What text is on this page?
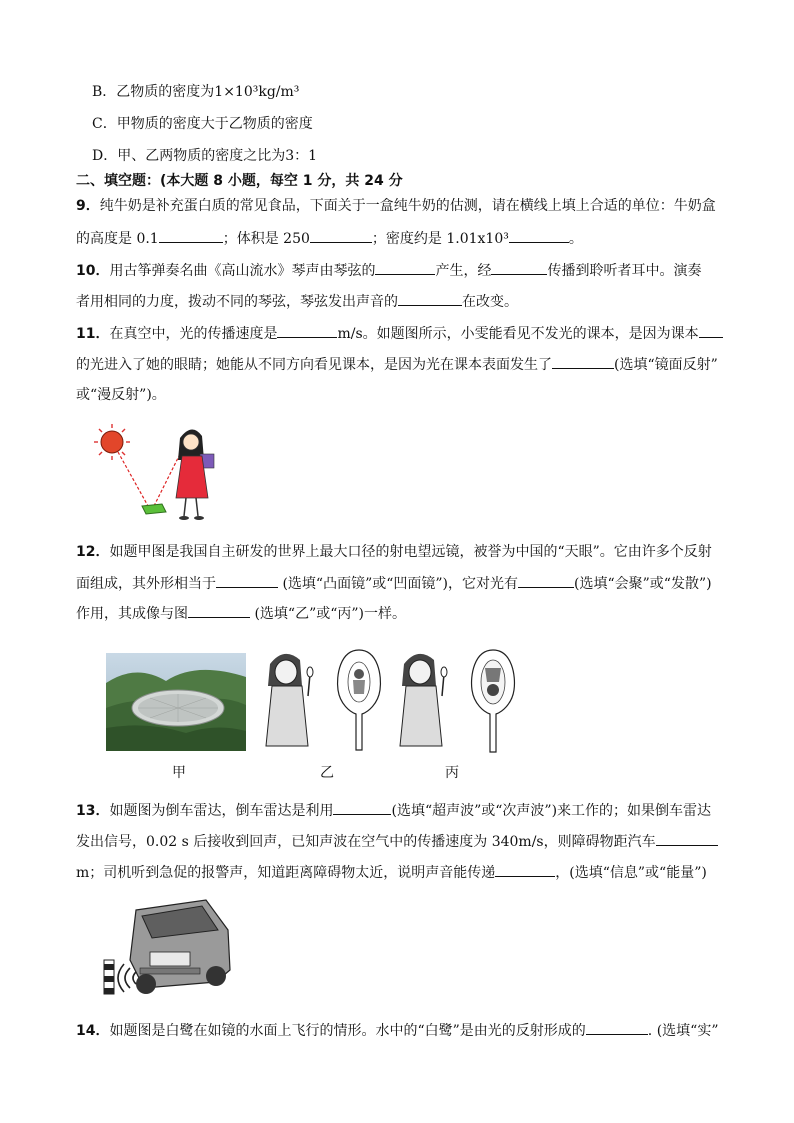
B．乙物质的密度为1×10³kg/m³
C．甲物质的密度大于乙物质的密度
D．甲、乙两物质的密度之比为3：1
二、填空题：(本大题 8 小题，每空 1 分，共 24 分
9．纯牛奶是补充蛋白质的常见食品，下面关于一盒纯牛奶的估测，请在横线上填上合适的单位：牛奶盒
的高度是 0.1	；体积是 250	；密度约是 1.01x10³	。
10．用古筝弹奏名曲《高山流水》琴声由琴弦的	产生，经	传播到聆听者耳中。演奏
者用相同的力度，拨动不同的琴弦，琴弦发出声音的	在改变。
11．在真空中，光的传播速度是	m/s。如题图所示，小雯能看见不发光的课本，是因为课本
的光进入了她的眼睛；她能从不同方向看见课本，是因为光在课本表面发生了	(选填“镜面反射”
或“漫反射”)。
12．如题甲图是我国自主研发的世界上最大口径的射电望远镜，被誉为中国的“天眼”。它由许多个反射
面组成，其外形相当于	(选填“凸面镜”或“凹面镜”)，它对光有	(选填“会聚”或“发散”)
作用，其成像与图	(选填“乙”或“丙”)一样。
甲	乙	丙
13．如题图为倒车雷达，倒车雷达是利用	(选填“超声波”或“次声波”)来工作的；如果倒车雷达
发出信号，0.02 s 后接收到回声，已知声波在空气中的传播速度为 340m/s，则障碍物距汽车
m；司机听到急促的报警声，知道距离障碍物太近，说明声音能传递	，(选填“信息”或“能量”)
14．如题图是白鹭在如镜的水面上飞行的情形。水中的“白鹭”是由光的反射形成的	. (选填“实”
